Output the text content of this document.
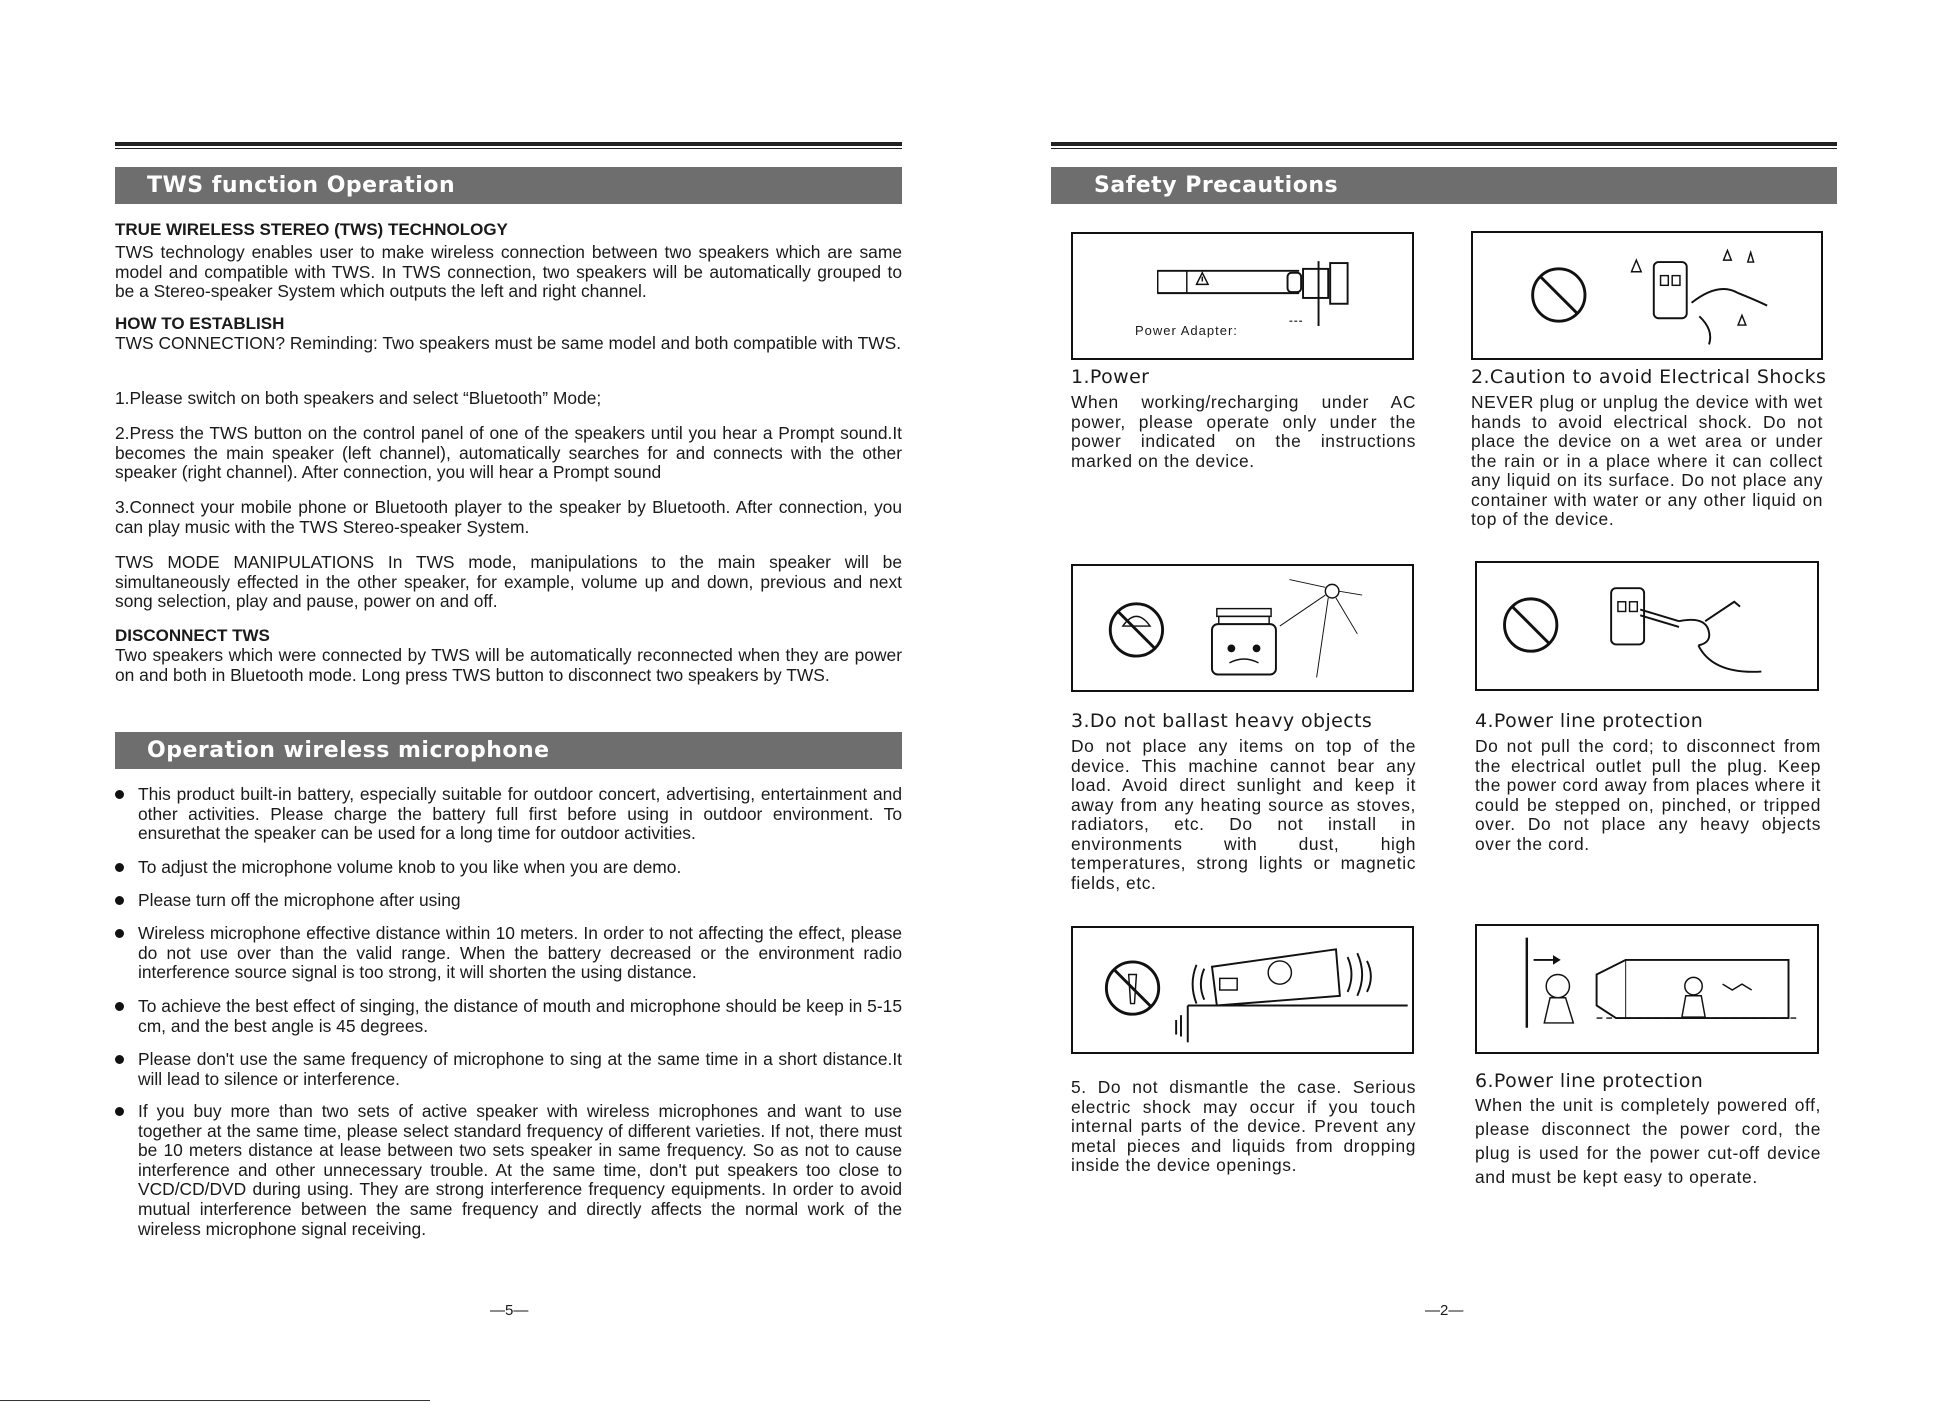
TWS function Operation
TRUE WIRELESS STEREO (TWS) TECHNOLOGY
TWS technology enables user to make wireless connection between two speakers which are same model and compatible with TWS. In TWS connection, two speakers will be automatically grouped to be a Stereo-speaker System which outputs the left and right channel.
HOW TO ESTABLISH
TWS CONNECTION? Reminding: Two speakers must be same model and both compatible with TWS.
1.Please switch on both speakers and select “Bluetooth” Mode;
2.Press the TWS button on the control panel of one of the speakers until you hear a Prompt sound.It becomes the main speaker (left channel), automatically searches for and connects with the other speaker (right channel). After connection, you will hear a Prompt sound
3.Connect your mobile phone or Bluetooth player to the speaker by Bluetooth. After connection, you can play music with the TWS Stereo-speaker System.
TWS MODE MANIPULATIONS In TWS mode, manipulations to the main speaker will be simultaneously effected in the other speaker, for example, volume up and down, previous and next song selection, play and pause, power on and off.
DISCONNECT TWS
Two speakers which were connected by TWS will be automatically reconnected when they are power on and both in Bluetooth mode. Long press TWS button to disconnect two speakers by TWS.
Operation wireless microphone
This product built-in battery, especially suitable for outdoor concert, advertising, entertainment and other activities. Please charge the battery full first before using in outdoor environment. To ensurethat the speaker can be used for a long time for outdoor activities.
To adjust the microphone volume knob to you like when you are demo.
Please turn off the microphone after using
Wireless microphone effective distance within 10 meters. In order to not affecting the effect, please do not use over than the valid range. When the battery decreased or the environment radio interference source signal is too strong, it will shorten the using distance.
To achieve the best effect of singing, the distance of mouth and microphone should be keep in 5-15 cm, and the best angle is 45 degrees.
Please don't use the same frequency of microphone to sing at the same time in a short distance.It will lead to silence or interference.
If you buy more than two sets of active speaker with wireless microphones and want to use together at the same time, please select standard frequency of different varieties. If not, there must be 10 meters distance at lease between two sets speaker in same frequency. So as not to cause interference and other unnecessary trouble. At the same time, don't put speakers too close to VCD/CD/DVD during using. They are strong interference frequency equipments. In order to avoid mutual interference between the same frequency and directly affects the normal work of the wireless microphone signal receiving.
—5—
Safety Precautions
Power Adapter:
1.Power
When working/recharging under AC power, please operate only under the power indicated on the instructions marked on the device.
2.Caution to avoid Electrical Shocks
NEVER plug or unplug the device with wet hands to avoid electrical shock. Do not place the device on a wet area or under the rain or in a place where it can collect any liquid on its surface. Do not place any container with water or any other liquid on top of the device.
3.Do not ballast heavy objects
Do not place any items on top of the device. This machine cannot bear any load. Avoid direct sunlight and keep it away from any heating source as stoves, radiators, etc. Do not install in environments with dust, high temperatures, strong lights or magnetic fields, etc.
4.Power line protection
Do not pull the cord; to disconnect from the electrical outlet pull the plug. Keep the power cord away from places where it could be stepped on, pinched, or tripped over. Do not place any heavy objects over the cord.
5. Do not dismantle the case. Serious electric shock may occur if you touch internal parts of the device. Prevent any metal pieces and liquids from dropping inside the device openings.
6.Power line protection
When the unit is completely powered off, please disconnect the power cord, the plug is used for the power cut-off device and must be kept easy to operate.
—2—
